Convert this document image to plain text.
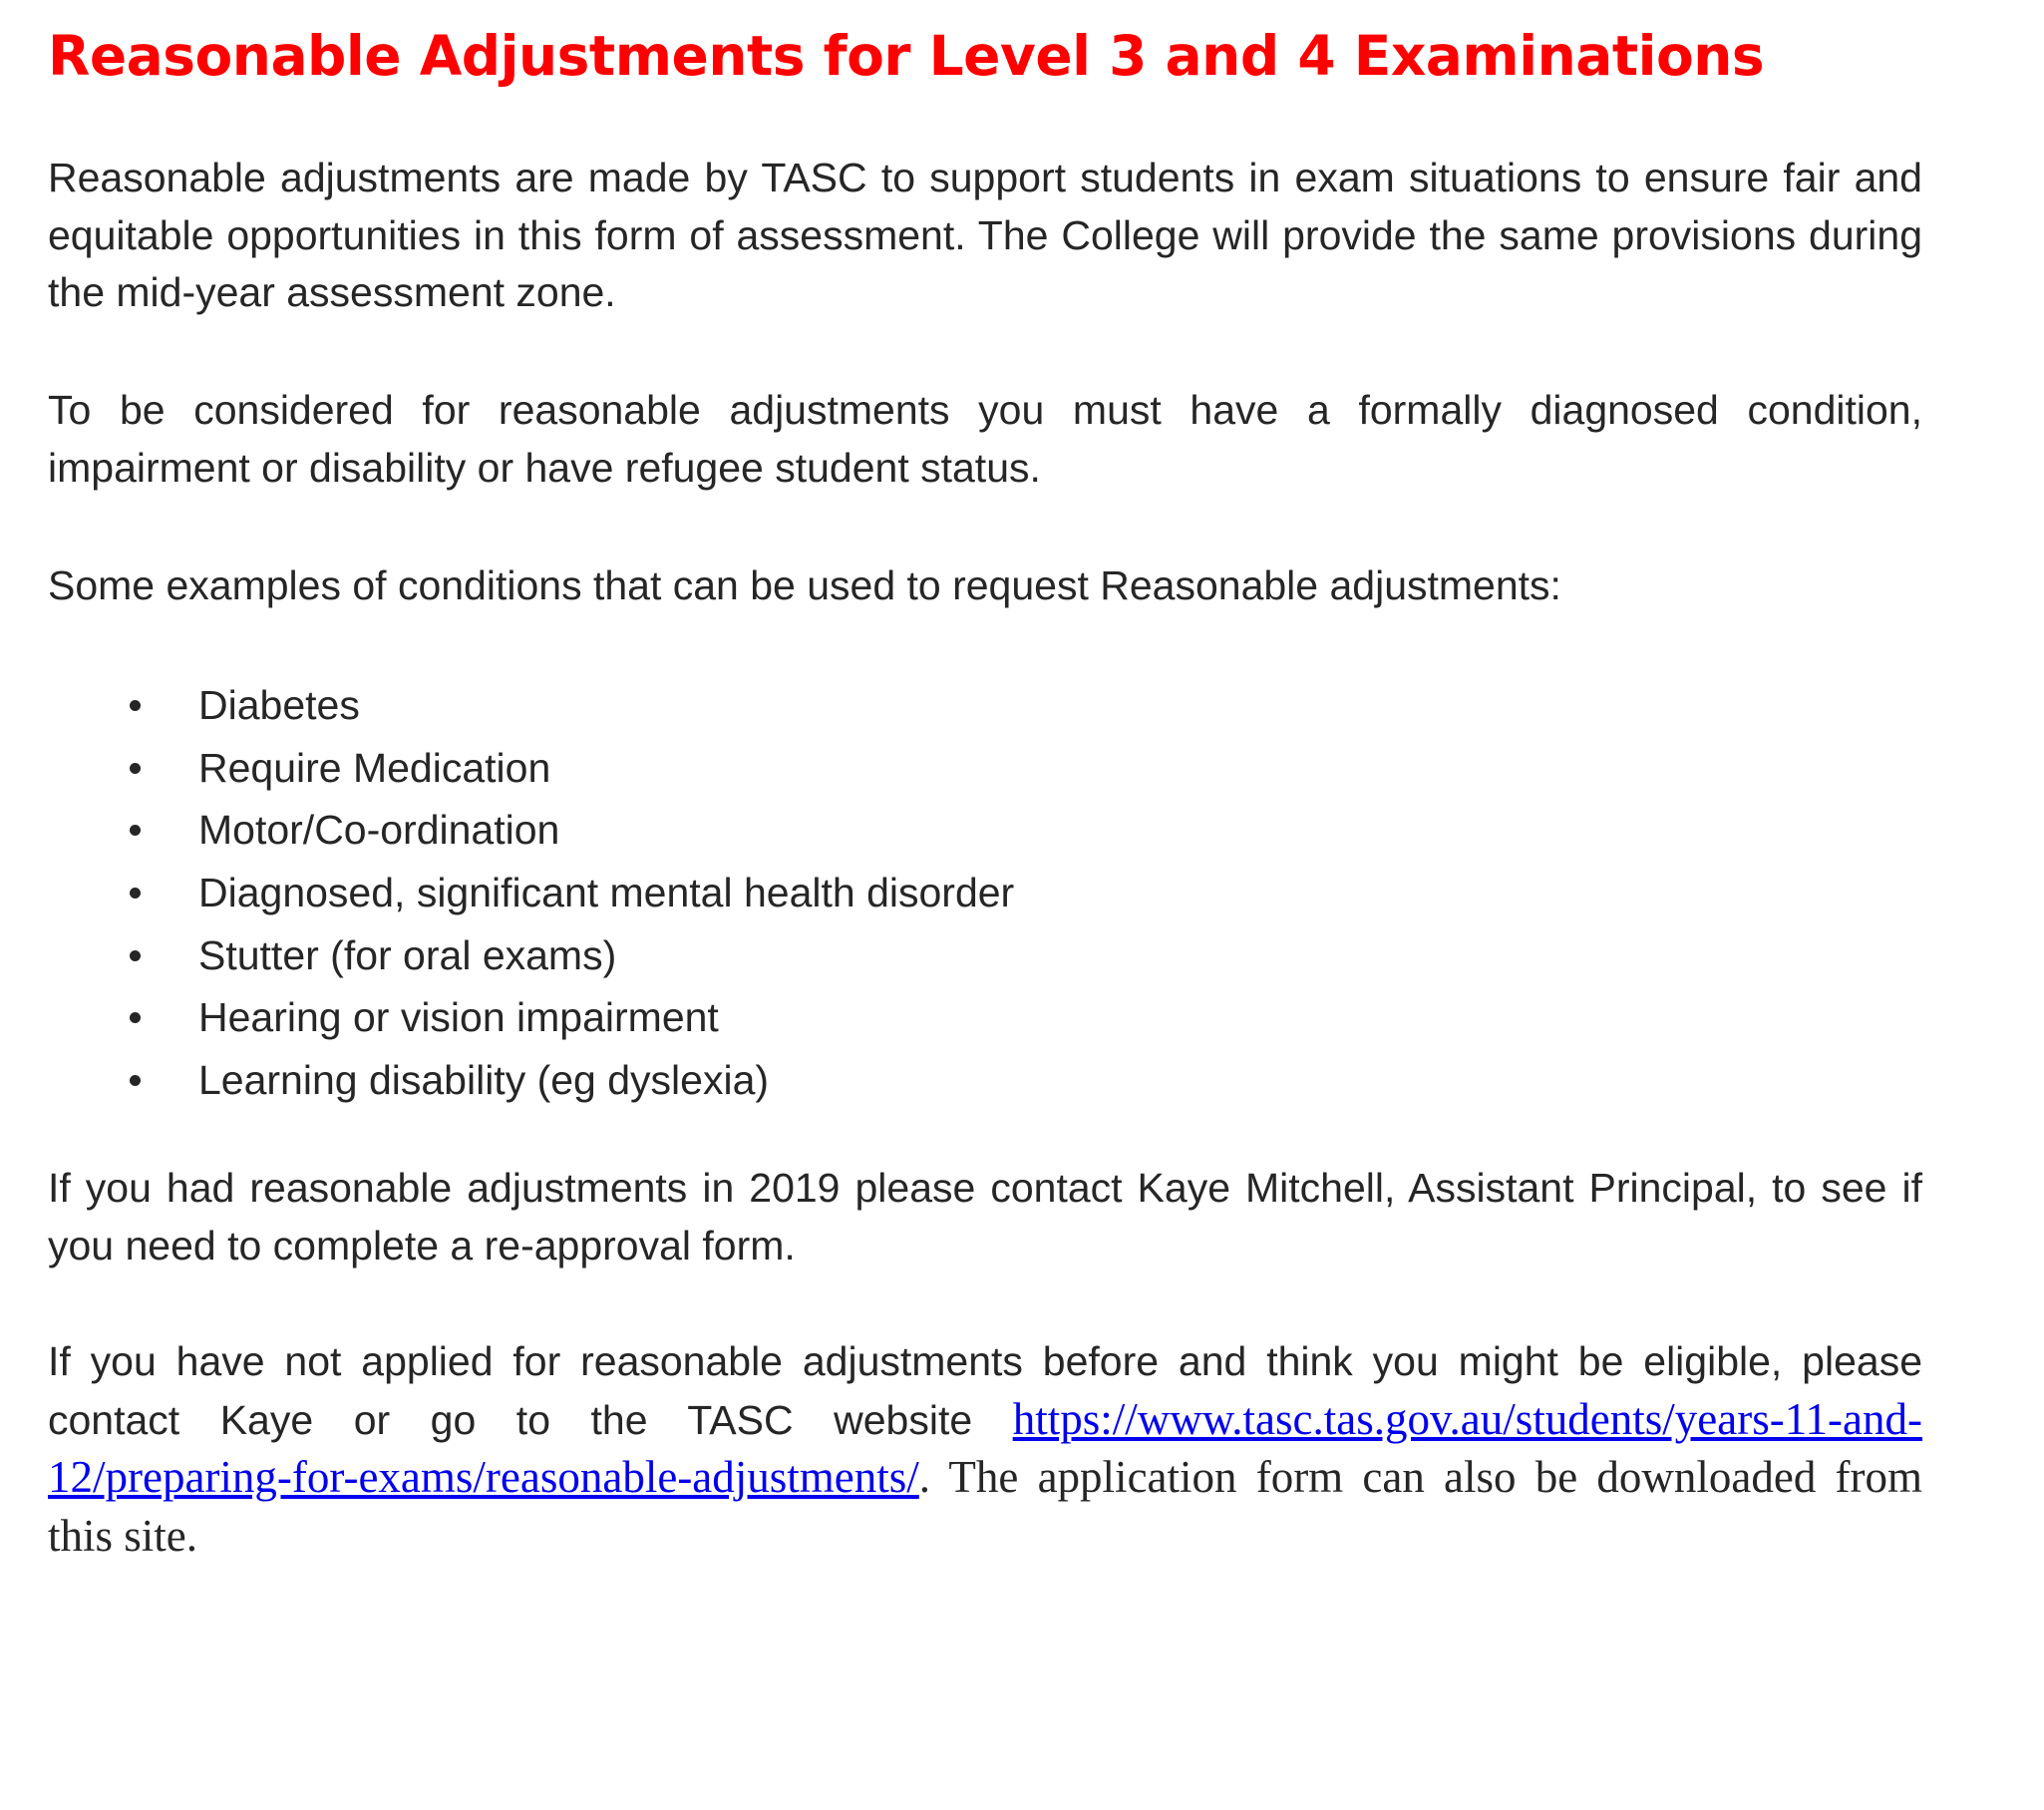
Reasonable Adjustments for Level 3 and 4 Examinations

Reasonable adjustments are made by TASC to support students in exam situations to ensure fair and equitable opportunities in this form of assessment. The College will provide the same provisions during the mid-year assessment zone.

To be considered for reasonable adjustments you must have a formally diagnosed condition, impairment or disability or have refugee student status.

Some examples of conditions that can be used to request Reasonable adjustments:

Diabetes
Require Medication
Motor/Co-ordination
Diagnosed, significant mental health disorder
Stutter (for oral exams)
Hearing or vision impairment
Learning disability (eg dyslexia)

If you had reasonable adjustments in 2019 please contact Kaye Mitchell, Assistant Principal, to see if you need to complete a re-approval form.

If you have not applied for reasonable adjustments before and think you might be eligible, please contact Kaye or go to the TASC website https://www.tasc.tas.gov.au/students/years-11-and-12/preparing-for-exams/reasonable-adjustments/. The application form can also be downloaded from this site.
